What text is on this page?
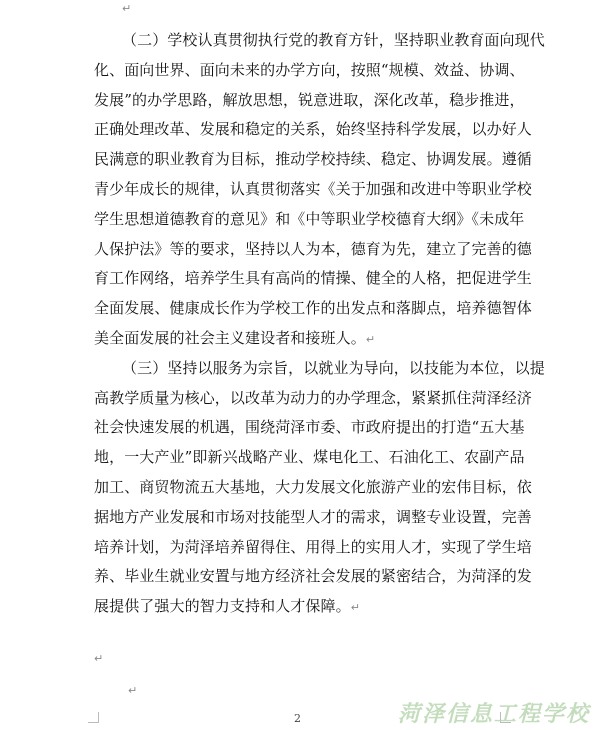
↵
（二）学校认真贯彻执行党的教育方针，坚持职业教育面向现代
化、面向世界、面向未来的办学方向，按照“规模、效益、协调、
发展”的办学思路，解放思想，锐意进取，深化改革，稳步推进，
正确处理改革、发展和稳定的关系，始终坚持科学发展，以办好人
民满意的职业教育为目标，推动学校持续、稳定、协调发展。遵循
青少年成长的规律，认真贯彻落实《关于加强和改进中等职业学校
学生思想道德教育的意见》和《中等职业学校德育大纲》《未成年
人保护法》等的要求，坚持以人为本，德育为先，建立了完善的德
育工作网络，培养学生具有高尚的情操、健全的人格，把促进学生
全面发展、健康成长作为学校工作的出发点和落脚点，培养德智体
美全面发展的社会主义建设者和接班人。↵
（三）坚持以服务为宗旨，以就业为导向，以技能为本位，以提
高教学质量为核心，以改革为动力的办学理念，紧紧抓住菏泽经济
社会快速发展的机遇，围绕菏泽市委、市政府提出的打造“五大基
地，一大产业”即新兴战略产业、煤电化工、石油化工、农副产品
加工、商贸物流五大基地，大力发展文化旅游产业的宏伟目标，依
据地方产业发展和市场对技能型人才的需求，调整专业设置，完善
培养计划，为菏泽培养留得住、用得上的实用人才，实现了学生培
养、毕业生就业安置与地方经济社会发展的紧密结合，为菏泽的发
展提供了强大的智力支持和人才保障。↵
↵
↵
2	菏泽信息工程学校
